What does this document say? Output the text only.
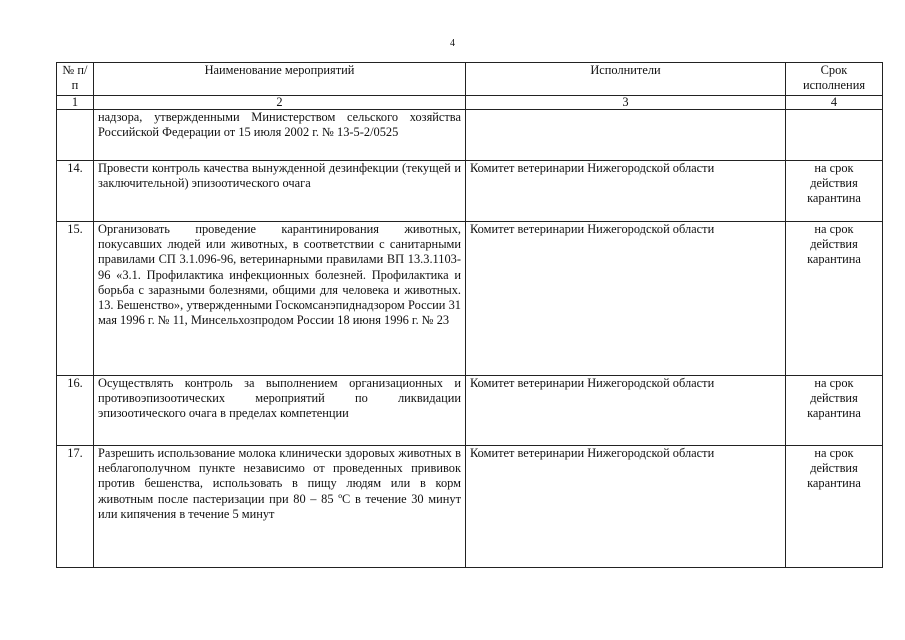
4
№ п/п	Наименование мероприятий	Исполнители	Срок исполнения
1	2	3	4
	надзора, утвержденными Министерством сельского хозяйства Российской Федерации от 15 июля 2002 г. № 13-5-2/0525		
14.	Провести контроль качества вынужденной дезинфекции (текущей и заключительной) эпизоотического очага	Комитет ветеринарии Нижегородской области	на срок действия карантина
15.	Организовать проведение карантинирования животных, покусавших людей или животных, в соответствии с санитарными правилами СП 3.1.096-96, ветеринарными правилами ВП 13.3.1103-96 «3.1. Профилактика инфекционных болезней. Профилактика и борьба с заразными болезнями, общими для человека и животных. 13. Бешенство», утвержденными Госкомсанэпиднадзором России 31 мая 1996 г. № 11, Минсельхозпродом России 18 июня 1996 г. № 23	Комитет ветеринарии Нижегородской области	на срок действия карантина
16.	Осуществлять контроль за выполнением организационных и противоэпизоотических мероприятий по ликвидации эпизоотического очага в пределах компетенции	Комитет ветеринарии Нижегородской области	на срок действия карантина
17.	Разрешить использование молока клинически здоровых животных в неблагополучном пункте независимо от проведенных прививок против бешенства, использовать в пищу людям или в корм животным после пастеризации при 80 – 85 ºС в течение 30 минут или кипячения в течение 5 минут	Комитет ветеринарии Нижегородской области	на срок действия карантина
